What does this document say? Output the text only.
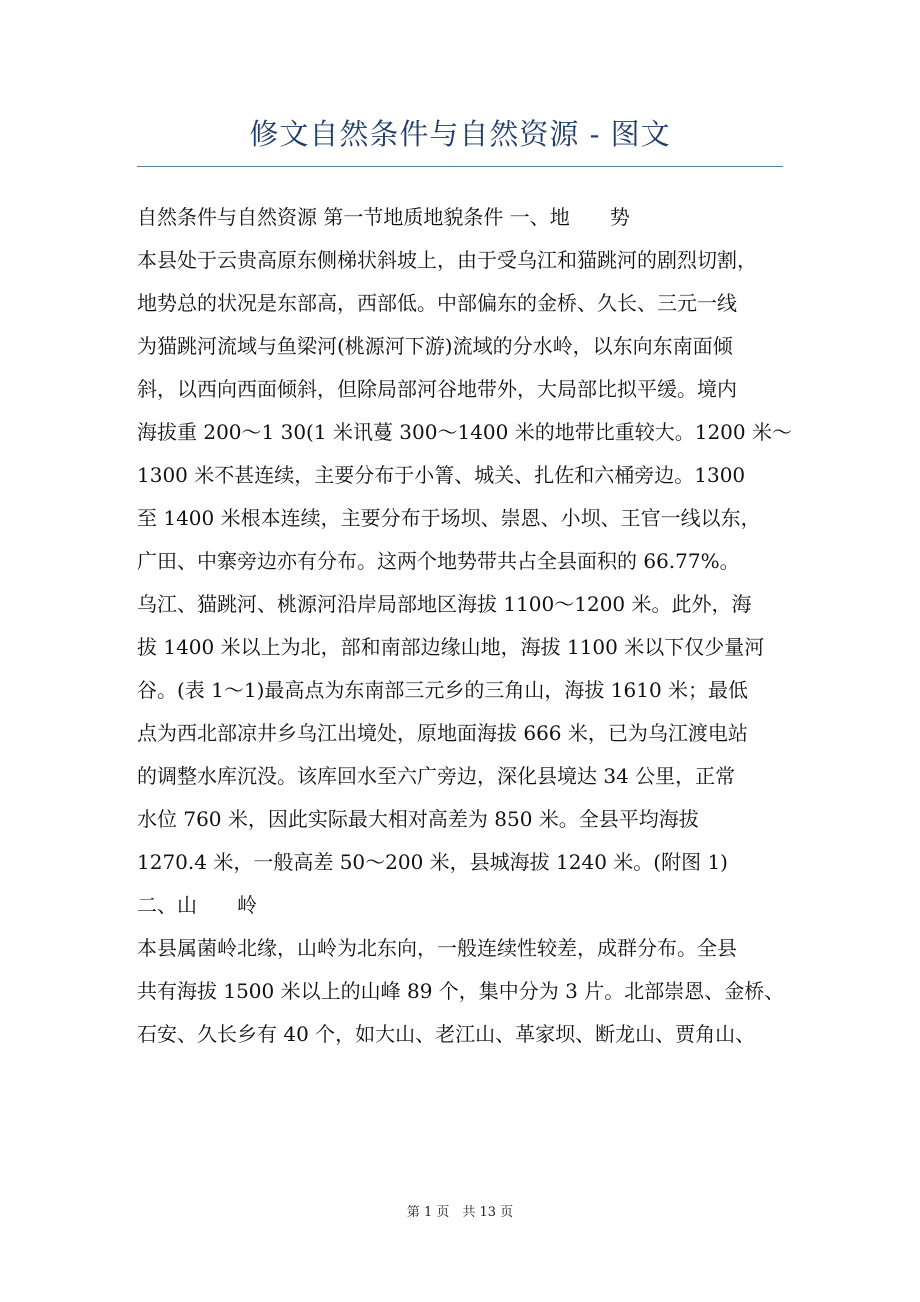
修文自然条件与自然资源 - 图文
自然条件与自然资源 第一节地质地貌条件 一、地　　势
本县处于云贵高原东侧梯状斜坡上，由于受乌江和猫跳河的剧烈切割，
地势总的状况是东部高，西部低。中部偏东的金桥、久长、三元一线
为猫跳河流域与鱼梁河(桃源河下游)流域的分水岭，以东向东南面倾
斜，以西向西面倾斜，但除局部河谷地带外，大局部比拟平缓。境内
海拔重 200～1 30(1 米讯蔓 300～1400 米的地带比重较大。1200 米～
1300 米不甚连续，主要分布于小箐、城关、扎佐和六桶旁边。1300
至 1400 米根本连续，主要分布于场坝、崇恩、小坝、王官一线以东，
广田、中寨旁边亦有分布。这两个地势带共占全县面积的 66.77%。
乌江、猫跳河、桃源河沿岸局部地区海拔 1100～1200 米。此外，海
拔 1400 米以上为北，部和南部边缘山地，海拔 1100 米以下仅少量河
谷。(表 1～1)最高点为东南部三元乡的三角山，海拔 1610 米；最低
点为西北部凉井乡乌江出境处，原地面海拔 666 米，已为乌江渡电站
的调整水库沉没。该库回水至六广旁边，深化县境达 34 公里，正常
水位 760 米，因此实际最大相对高差为 850 米。全县平均海拔
1270.4 米，一般高差 50～200 米，县城海拔 1240 米。(附图 1)
二、山　　岭
本县属菌岭北缘，山岭为北东向，一般连续性较差，成群分布。全县
共有海拔 1500 米以上的山峰 89 个，集中分为 3 片。北部崇恩、金桥、
石安、久长乡有 40 个，如大山、老江山、革家坝、断龙山、贾角山、
第 1 页　共 13 页
